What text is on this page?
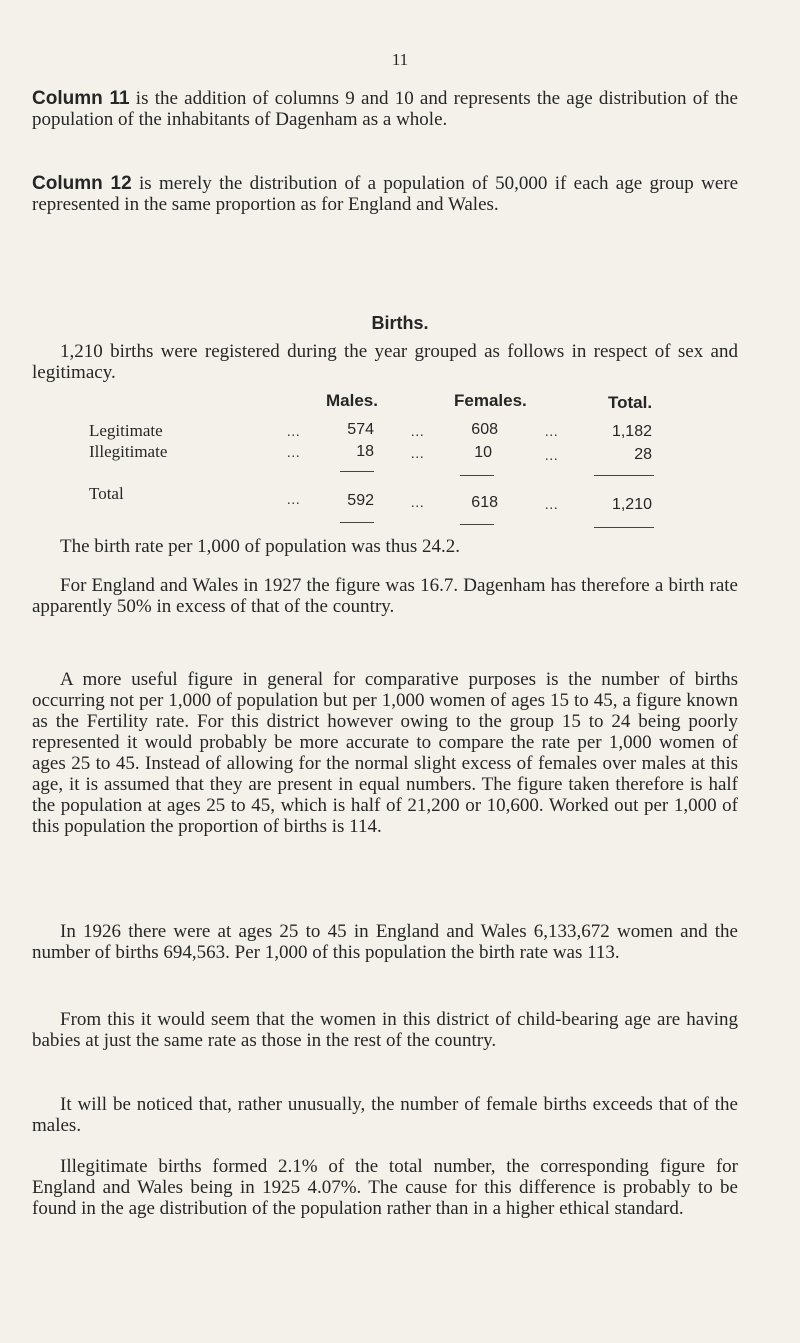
11

Column 11 is the addition of columns 9 and 10 and represents the age distribution of the population of the inhabitants of Dagenham as a whole.

Column 12 is merely the distribution of a population of 50,000 if each age group were represented in the same proportion as for England and Wales.

Births.

1,210 births were registered during the year grouped as follows in respect of sex and legitimacy.

Males.	Females.	Total.
Legitimate	...	574	...	608	...	1,182
Illegitimate	...	18	...	10	...	28
Total	...	592	...	618	...	1,210

The birth rate per 1,000 of population was thus 24.2.

For England and Wales in 1927 the figure was 16.7. Dagenham has therefore a birth rate apparently 50% in excess of that of the country.

A more useful figure in general for comparative purposes is the number of births occurring not per 1,000 of population but per 1,000 women of ages 15 to 45, a figure known as the Fertility rate. For this district however owing to the group 15 to 24 being poorly represented it would probably be more accurate to compare the rate per 1,000 women of ages 25 to 45. Instead of allowing for the normal slight excess of females over males at this age, it is assumed that they are present in equal numbers. The figure taken therefore is half the population at ages 25 to 45, which is half of 21,200 or 10,600. Worked out per 1,000 of this population the proportion of births is 114.

In 1926 there were at ages 25 to 45 in England and Wales 6,133,672 women and the number of births 694,563. Per 1,000 of this population the birth rate was 113.

From this it would seem that the women in this district of child-bearing age are having babies at just the same rate as those in the rest of the country.

It will be noticed that, rather unusually, the number of female births exceeds that of the males.

Illegitimate births formed 2.1% of the total number, the corresponding figure for England and Wales being in 1925 4.07%. The cause for this difference is probably to be found in the age distribution of the population rather than in a higher ethical standard.
